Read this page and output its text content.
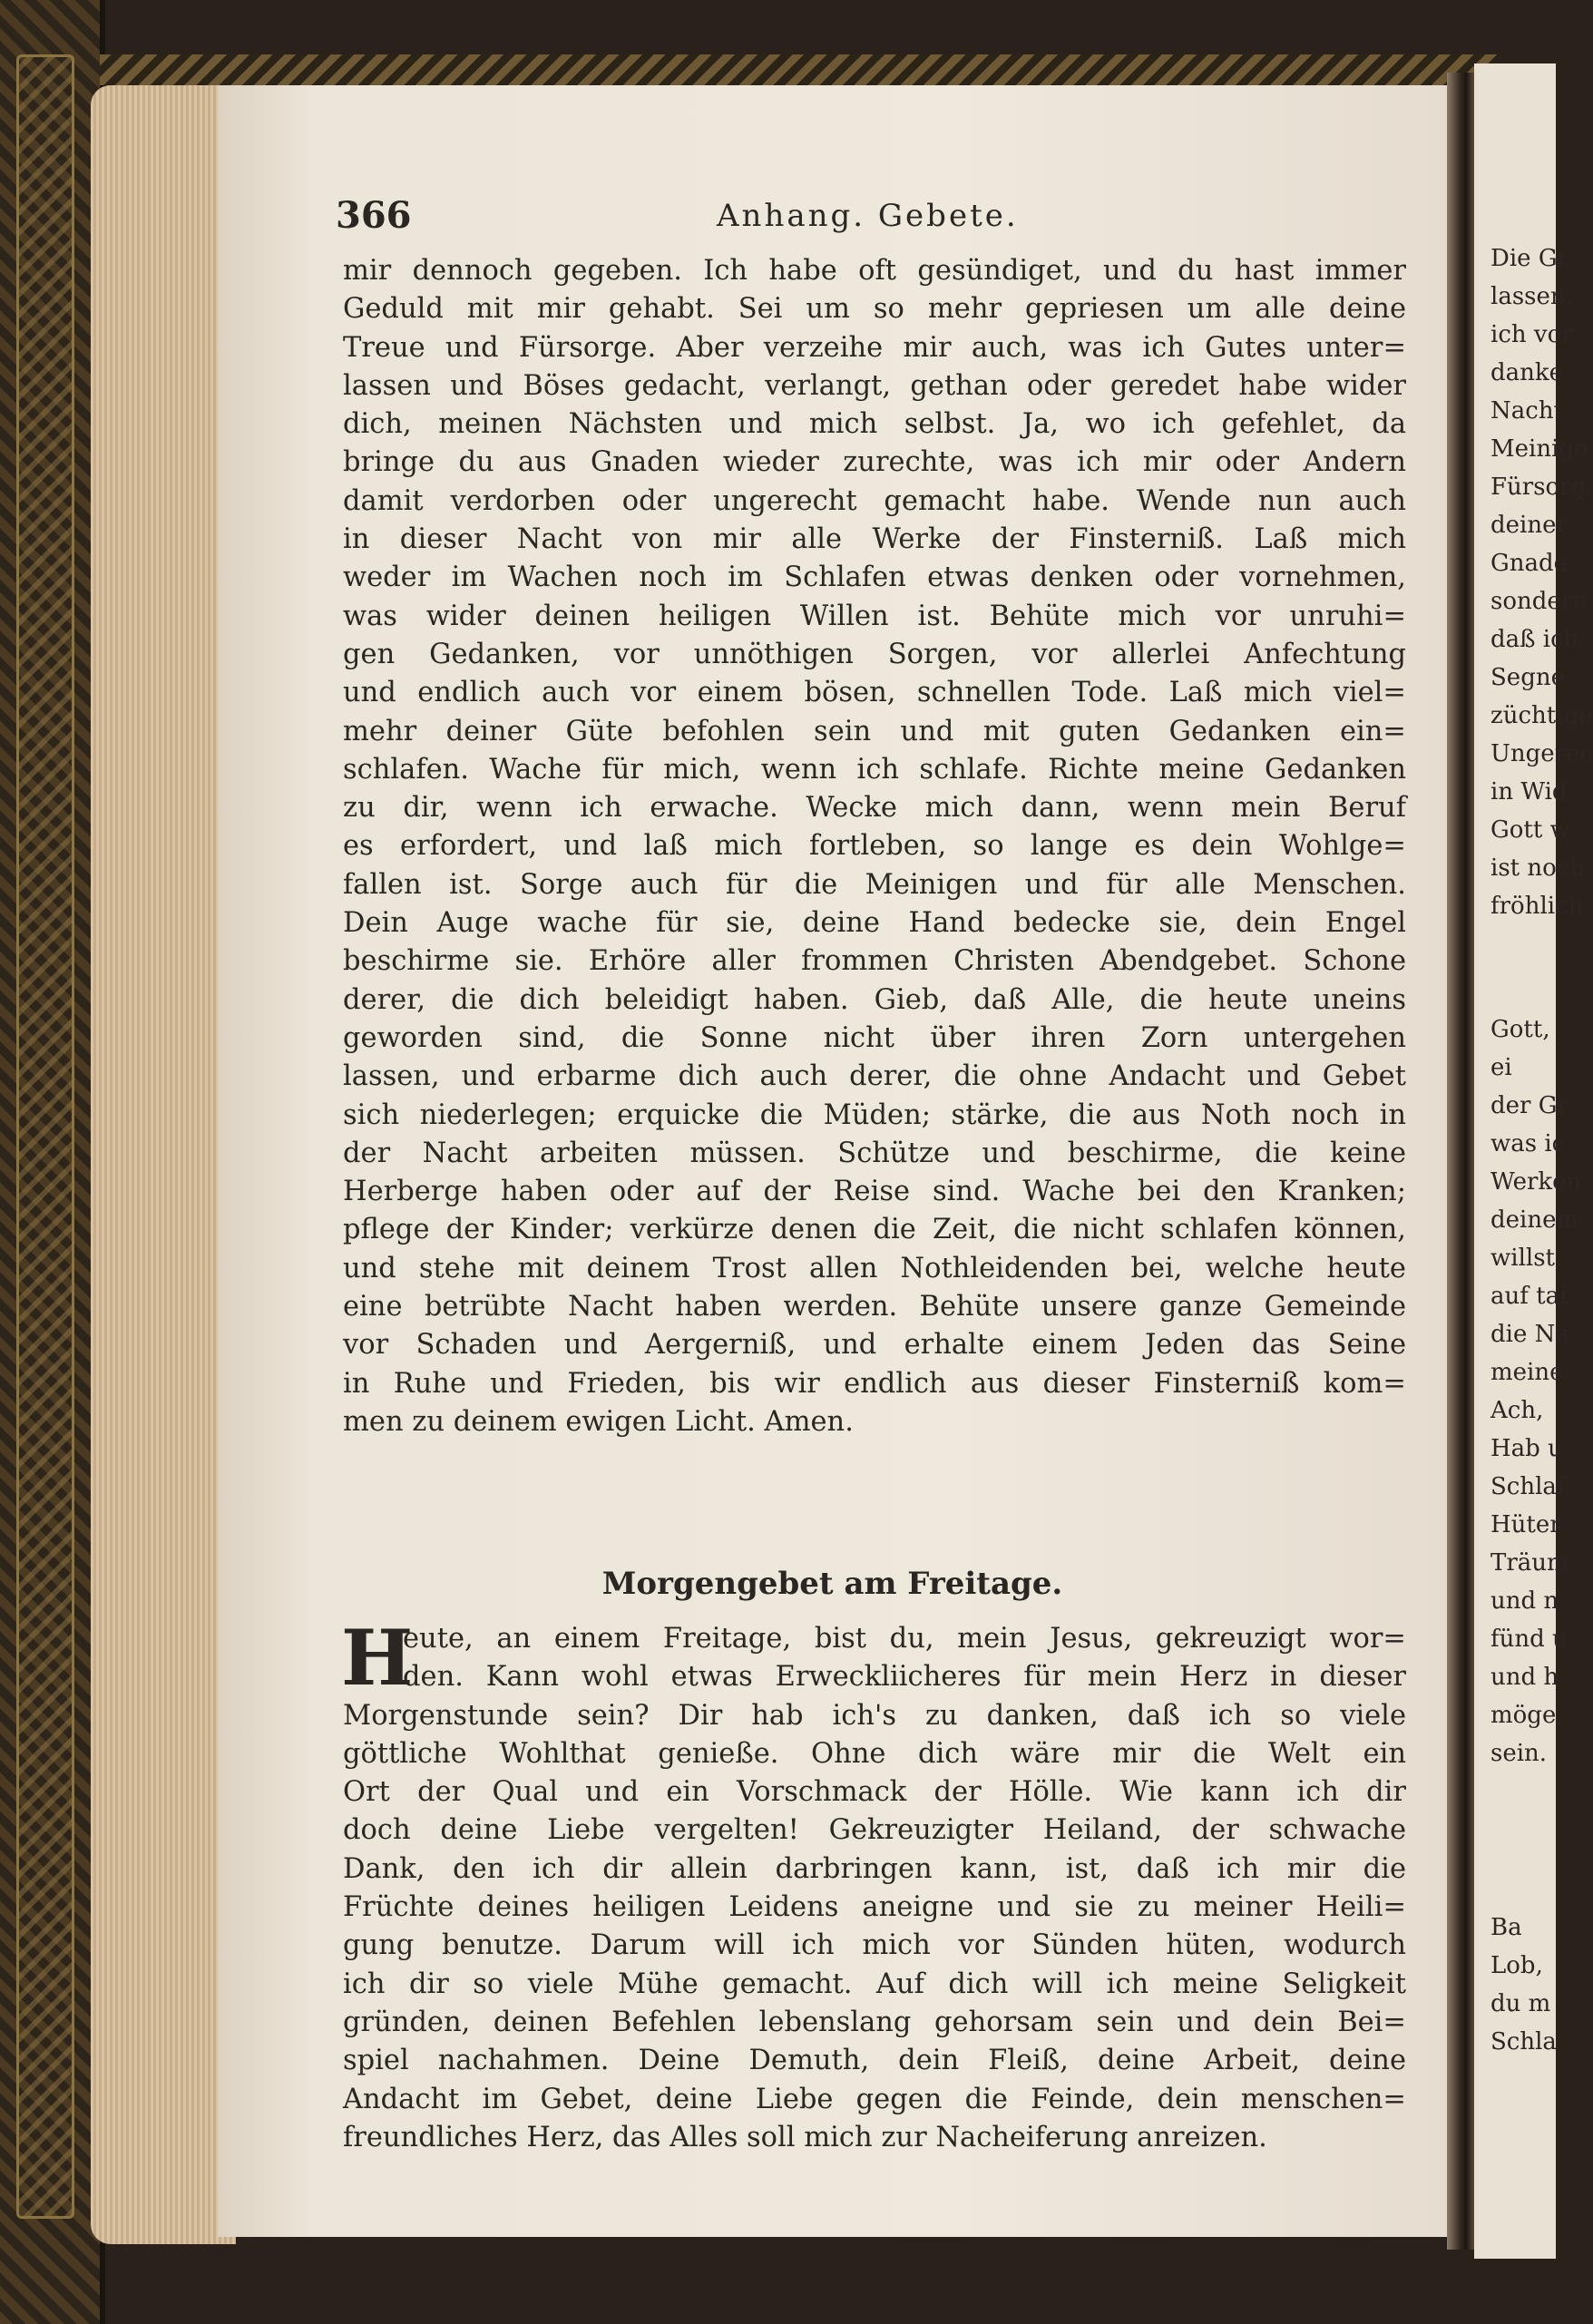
366	Anhang. Gebete.
mir dennoch gegeben. Ich habe oft gesündiget, und du hast immer
Geduld mit mir gehabt. Sei um so mehr gepriesen um alle deine
Treue und Fürsorge. Aber verzeihe mir auch, was ich Gutes unter=
lassen und Böses gedacht, verlangt, gethan oder geredet habe wider
dich, meinen Nächsten und mich selbst. Ja, wo ich gefehlet, da
bringe du aus Gnaden wieder zurechte, was ich mir oder Andern
damit verdorben oder ungerecht gemacht habe. Wende nun auch
in dieser Nacht von mir alle Werke der Finsterniß. Laß mich
weder im Wachen noch im Schlafen etwas denken oder vornehmen,
was wider deinen heiligen Willen ist. Behüte mich vor unruhi=
gen Gedanken, vor unnöthigen Sorgen, vor allerlei Anfechtung
und endlich auch vor einem bösen, schnellen Tode. Laß mich viel=
mehr deiner Güte befohlen sein und mit guten Gedanken ein=
schlafen. Wache für mich, wenn ich schlafe. Richte meine Gedanken
zu dir, wenn ich erwache. Wecke mich dann, wenn mein Beruf
es erfordert, und laß mich fortleben, so lange es dein Wohlge=
fallen ist. Sorge auch für die Meinigen und für alle Menschen.
Dein Auge wache für sie, deine Hand bedecke sie, dein Engel
beschirme sie. Erhöre aller frommen Christen Abendgebet. Schone
derer, die dich beleidigt haben. Gieb, daß Alle, die heute uneins
geworden sind, die Sonne nicht über ihren Zorn untergehen
lassen, und erbarme dich auch derer, die ohne Andacht und Gebet
sich niederlegen; erquicke die Müden; stärke, die aus Noth noch in
der Nacht arbeiten müssen. Schütze und beschirme, die keine
Herberge haben oder auf der Reise sind. Wache bei den Kranken;
pflege der Kinder; verkürze denen die Zeit, die nicht schlafen können,
und stehe mit deinem Trost allen Nothleidenden bei, welche heute
eine betrübte Nacht haben werden. Behüte unsere ganze Gemeinde
vor Schaden und Aergerniß, und erhalte einem Jeden das Seine
in Ruhe und Frieden, bis wir endlich aus dieser Finsterniß kom=
men zu deinem ewigen Licht. Amen.
Morgengebet am Freitage.
H
eute, an einem Freitage, bist du, mein Jesus, gekreuzigt wor=
den. Kann wohl etwas Erweckliicheres für mein Herz in dieser
Morgenstunde sein? Dir hab ich's zu danken, daß ich so viele
göttliche Wohlthat genieße. Ohne dich wäre mir die Welt ein
Ort der Qual und ein Vorschmack der Hölle. Wie kann ich dir
doch deine Liebe vergelten! Gekreuzigter Heiland, der schwache
Dank, den ich dir allein darbringen kann, ist, daß ich mir die
Früchte deines heiligen Leidens aneigne und sie zu meiner Heili=
gung benutze. Darum will ich mich vor Sünden hüten, wodurch
ich dir so viele Mühe gemacht. Auf dich will ich meine Seligkeit
gründen, deinen Befehlen lebenslang gehorsam sein und dein Bei=
spiel nachahmen. Deine Demuth, dein Fleiß, deine Arbeit, deine
Andacht im Gebet, deine Liebe gegen die Feinde, dein menschen=
freundliches Herz, das Alles soll mich zur Nacheiferung anreizen.
Die Gr
lassen,
ich vor
danke
Nacht
Meinige
Fürsorg
deiner
Gnade
sondern
daß ich
Segne
züchtige
Ungerec
in Wid
Gott w
ist noch
fröhlich
Gott,
ei
der Gr
was ic
Werken
deinem
willst,
auf tai
die Na
meine
Ach,
Hab u
Schlaf
Hüter
Träum
und n
fünd u
und h
möge,
sein.
Ba
Lob,
du m
Schla
